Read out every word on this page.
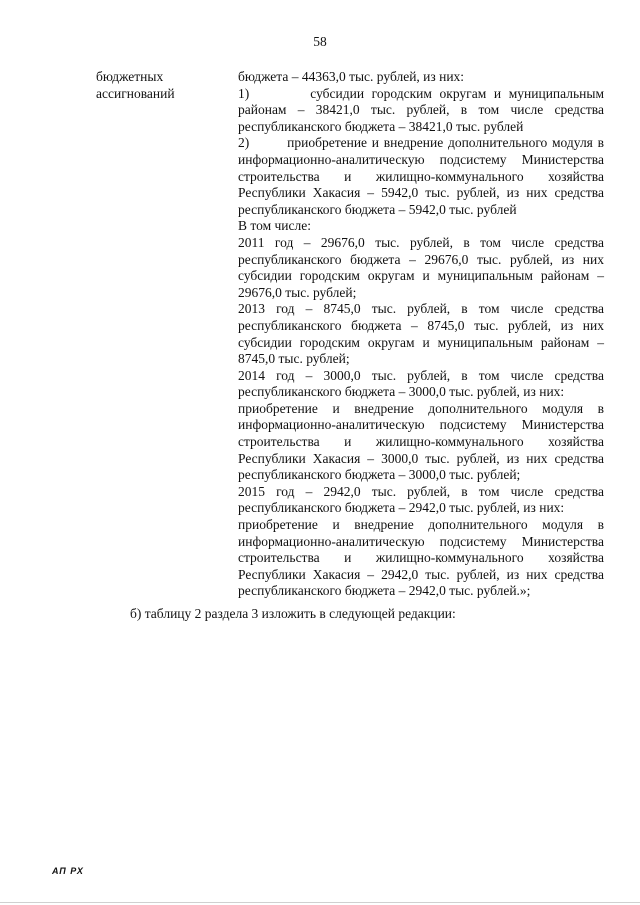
58
бюджетных
ассигнований

бюджета – 44363,0 тыс. рублей, из них:

1)        субсидии городским округам и муниципальным районам – 38421,0 тыс. рублей, в том числе средства республиканского бюджета – 38421,0 тыс. рублей

2)        приобретение и внедрение дополнительного модуля в информационно-аналитическую подсистему Министерства строительства и жилищно-коммунального хозяйства Республики Хакасия – 5942,0 тыс. рублей, из них средства республиканского бюджета – 5942,0 тыс. рублей

В том числе:

2011 год – 29676,0 тыс. рублей, в том числе средства республиканского бюджета – 29676,0 тыс. рублей, из них субсидии городским округам и муниципальным районам – 29676,0 тыс. рублей;

2013 год – 8745,0 тыс. рублей, в том числе средства республиканского бюджета – 8745,0 тыс. рублей, из них субсидии городским округам и муниципальным районам – 8745,0 тыс. рублей;

2014 год – 3000,0 тыс. рублей, в том числе средства республиканского бюджета – 3000,0 тыс. рублей, из них:

приобретение и внедрение дополнительного модуля в информационно-аналитическую подсистему Министерства строительства и жилищно-коммунального хозяйства Республики Хакасия – 3000,0 тыс. рублей, из них средства республиканского бюджета – 3000,0 тыс. рублей;

2015 год – 2942,0 тыс. рублей, в том числе средства республиканского бюджета – 2942,0 тыс. рублей, из них:

приобретение и внедрение дополнительного модуля в информационно-аналитическую подсистему Министерства строительства и жилищно-коммунального хозяйства Республики Хакасия – 2942,0 тыс. рублей, из них средства республиканского бюджета – 2942,0 тыс. рублей.»;

б) таблицу 2 раздела 3 изложить в следующей редакции:
АП РХ
